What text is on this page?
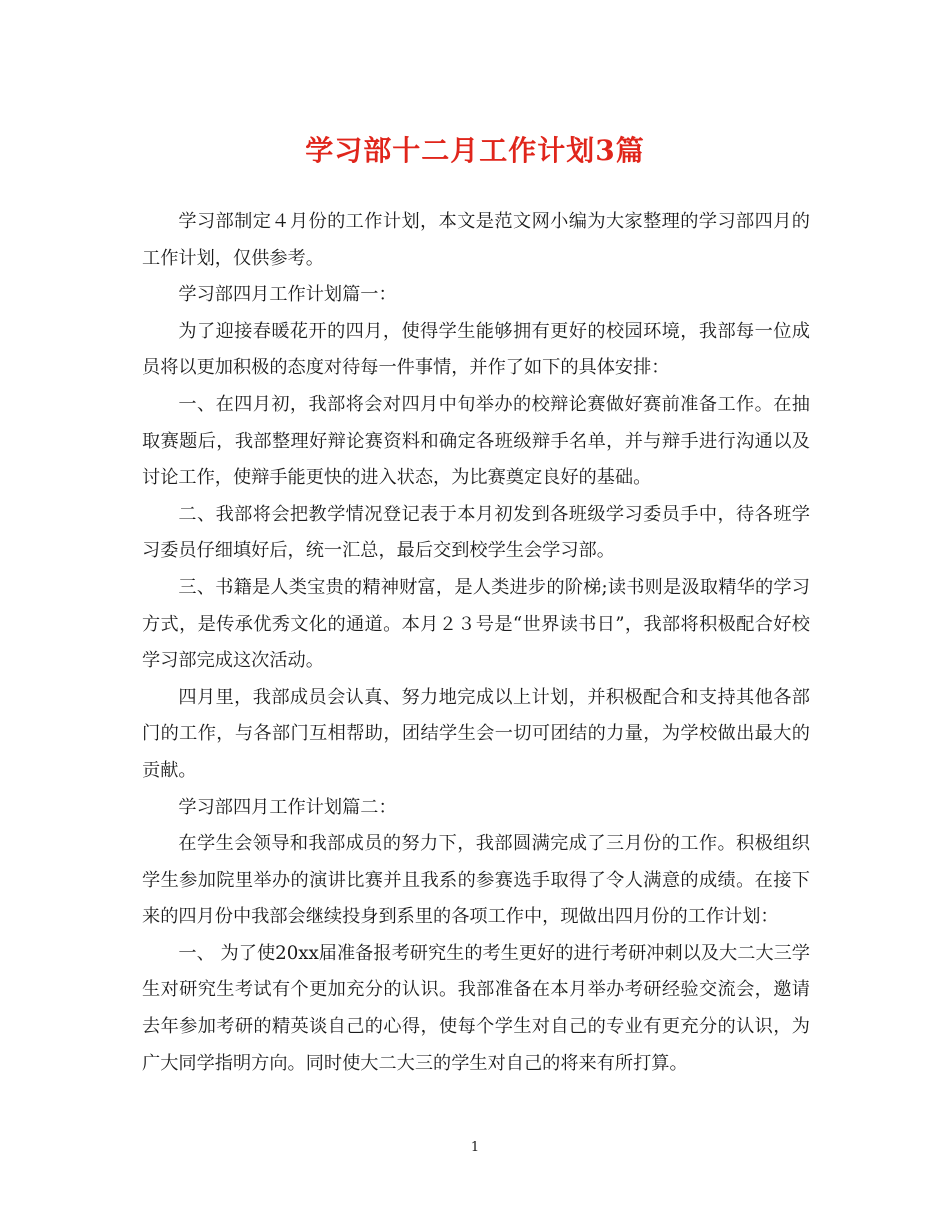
学习部十二月工作计划3篇

学习部制定４月份的工作计划，本文是范文网小编为大家整理的学习部四月的工作计划，仅供参考。

学习部四月工作计划篇一：

为了迎接春暖花开的四月，使得学生能够拥有更好的校园环境，我部每一位成员将以更加积极的态度对待每一件事情，并作了如下的具体安排：

一、在四月初，我部将会对四月中旬举办的校辩论赛做好赛前准备工作。在抽取赛题后，我部整理好辩论赛资料和确定各班级辩手名单，并与辩手进行沟通以及讨论工作，使辩手能更快的进入状态，为比赛奠定良好的基础。

二、我部将会把教学情况登记表于本月初发到各班级学习委员手中，待各班学习委员仔细填好后，统一汇总，最后交到校学生会学习部。

三、书籍是人类宝贵的精神财富，是人类进步的阶梯;读书则是汲取精华的学习方式，是传承优秀文化的通道。本月２３号是“世界读书日”，我部将积极配合好校学习部完成这次活动。

四月里，我部成员会认真、努力地完成以上计划，并积极配合和支持其他各部门的工作，与各部门互相帮助，团结学生会一切可团结的力量，为学校做出最大的贡献。

学习部四月工作计划篇二：

在学生会领导和我部成员的努力下，我部圆满完成了三月份的工作。积极组织学生参加院里举办的演讲比赛并且我系的参赛选手取得了令人满意的成绩。在接下来的四月份中我部会继续投身到系里的各项工作中，现做出四月份的工作计划：

一、 为了使20xx届准备报考研究生的考生更好的进行考研冲刺以及大二大三学生对研究生考试有个更加充分的认识。我部准备在本月举办考研经验交流会，邀请去年参加考研的精英谈自己的心得，使每个学生对自己的专业有更充分的认识，为广大同学指明方向。同时使大二大三的学生对自己的将来有所打算。

1
